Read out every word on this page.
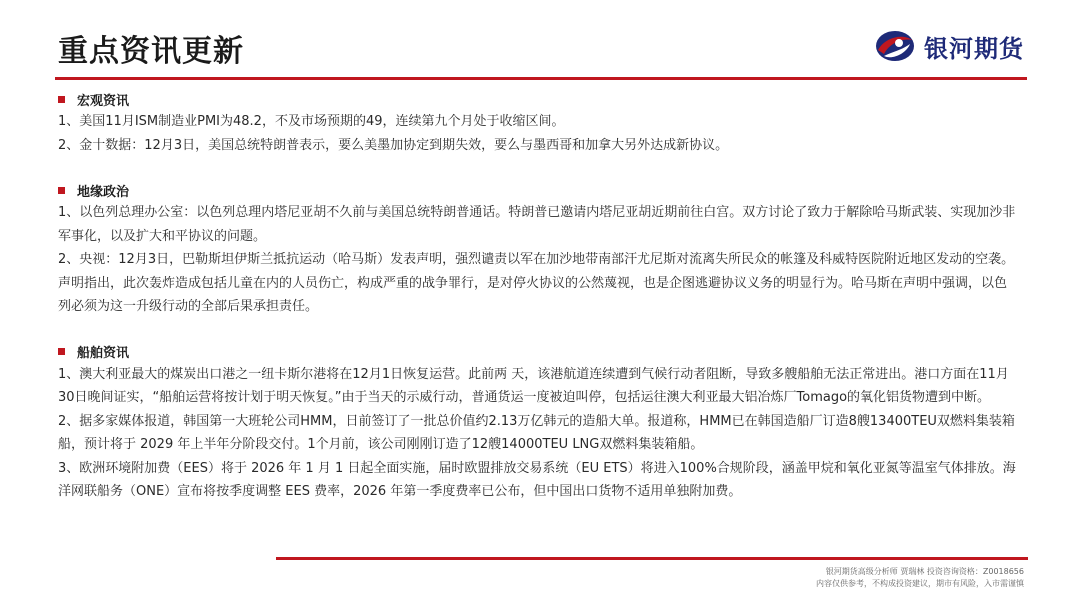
重点资讯更新	银河期货
宏观资讯

1、美国11月ISM制造业PMI为48.2，不及市场预期的49，连续第九个月处于收缩区间。

2、金十数据：12月3日，美国总统特朗普表示，要么美墨加协定到期失效，要么与墨西哥和加拿大另外达成新协议。

地缘政治

1、以色列总理办公室：以色列总理内塔尼亚胡不久前与美国总统特朗普通话。特朗普已邀请内塔尼亚胡近期前往白宫。双方讨论了致力于解除哈马斯武装、实现加沙非军事化，以及扩大和平协议的问题。

2、央视：12月3日，巴勒斯坦伊斯兰抵抗运动（哈马斯）发表声明，强烈谴责以军在加沙地带南部汗尤尼斯对流离失所民众的帐篷及科威特医院附近地区发动的空袭。声明指出，此次轰炸造成包括儿童在内的人员伤亡，构成严重的战争罪行，是对停火协议的公然蔑视，也是企图逃避协议义务的明显行为。哈马斯在声明中强调，以色列必须为这一升级行动的全部后果承担责任。

船舶资讯

1、澳大利亚最大的煤炭出口港之一纽卡斯尔港将在12月1日恢复运营。此前两 天，该港航道连续遭到气候行动者阻断，导致多艘船舶无法正常进出。港口方面在11月30日晚间证实，“船舶运营将按计划于明天恢复。”由于当天的示威行动，普通货运一度被迫叫停，包括运往澳大利亚最大铝冶炼厂Tomago的氧化铝货物遭到中断。

2、据多家媒体报道，韩国第一大班轮公司HMM，日前签订了一批总价值约2.13万亿韩元的造船大单。报道称，HMM已在韩国造船厂订造8艘13400TEU双燃料集装箱船，预计将于 2029 年上半年分阶段交付。1个月前，该公司刚刚订造了12艘14000TEU LNG双燃料集装箱船。

3、欧洲环境附加费（EES）将于 2026 年 1 月 1 日起全面实施，届时欧盟排放交易系统（EU ETS）将进入100%合规阶段，涵盖甲烷和氧化亚氮等温室气体排放。海洋网联船务（ONE）宣布将按季度调整 EES 费率，2026 年第一季度费率已公布，但中国出口货物不适用单独附加费。

银河期货高级分析师 贾瑞林 投资咨询资格：Z0018656
内容仅供参考，不构成投资建议，期市有风险，入市需谨慎
